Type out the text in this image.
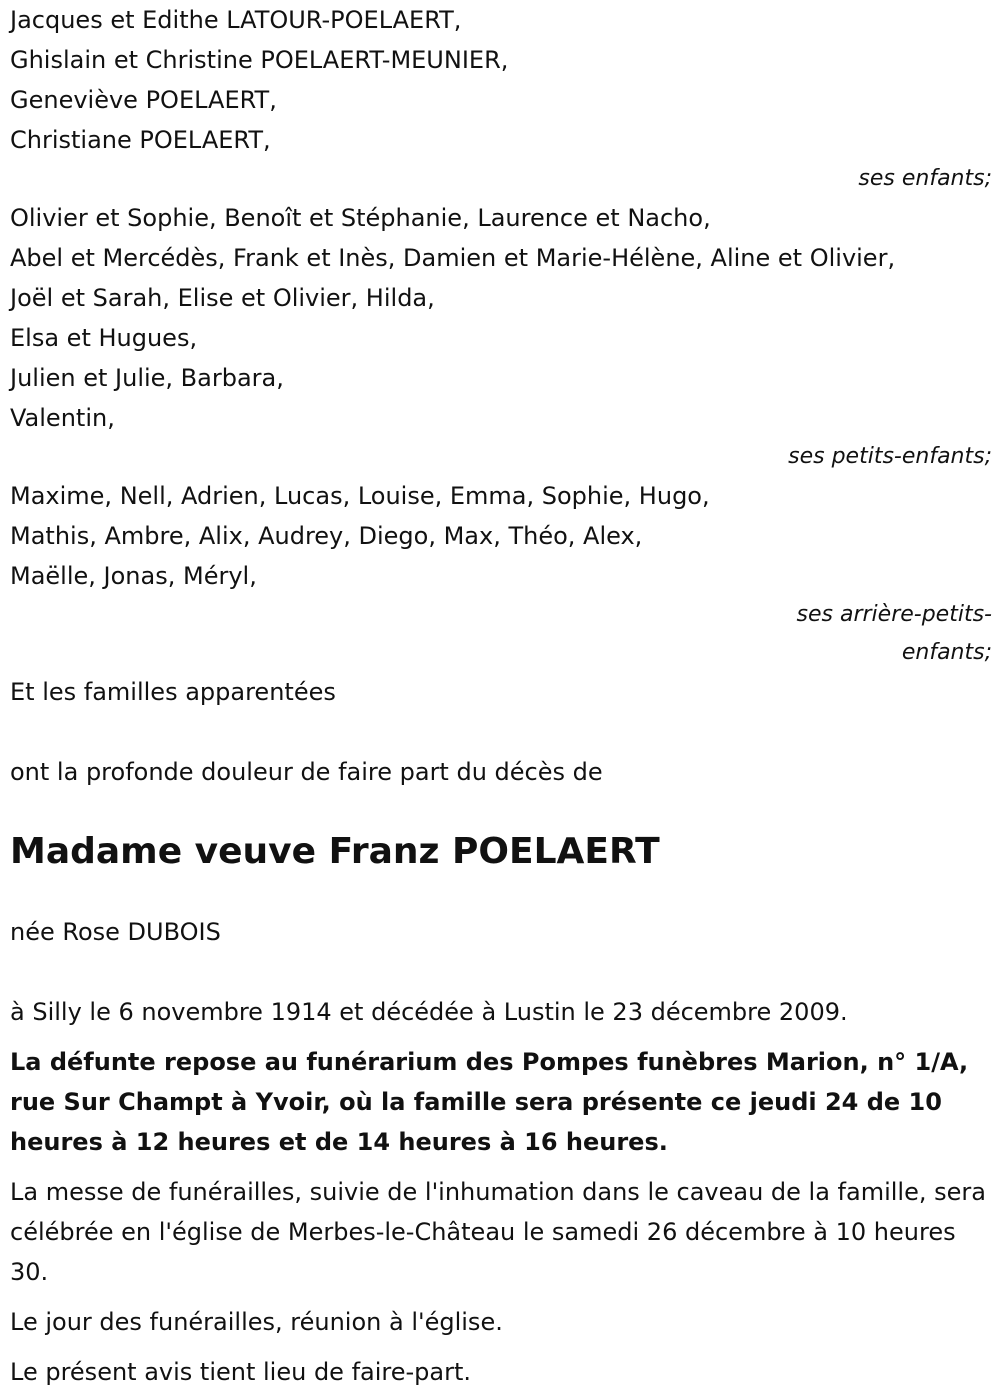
Jacques et Edithe LATOUR-POELAERT,
Ghislain et Christine POELAERT-MEUNIER,
Geneviève POELAERT,
Christiane POELAERT,
ses enfants;
Olivier et Sophie, Benoît et Stéphanie, Laurence et Nacho,
Abel et Mercédès, Frank et Inès, Damien et Marie-Hélène, Aline et Olivier,
Joël et Sarah, Elise et Olivier, Hilda,
Elsa et Hugues,
Julien et Julie, Barbara,
Valentin,
ses petits-enfants;
Maxime, Nell, Adrien, Lucas, Louise, Emma, Sophie, Hugo,
Mathis, Ambre, Alix, Audrey, Diego, Max, Théo, Alex,
Maëlle, Jonas, Méryl,
ses arrière-petits-
enfants;
Et les familles apparentées
ont la profonde douleur de faire part du décès de
Madame veuve Franz POELAERT
née Rose DUBOIS
à Silly le 6 novembre 1914 et décédée à Lustin le 23 décembre 2009.

La défunte repose au funérarium des Pompes funèbres Marion, n° 1/A, rue Sur Champt à Yvoir, où la famille sera présente ce jeudi 24 de 10 heures à 12 heures et de 14 heures à 16 heures.

La messe de funérailles, suivie de l'inhumation dans le caveau de la famille, sera célébrée en l'église de Merbes-le-Château le samedi 26 décembre à 10 heures 30.

Le jour des funérailles, réunion à l'église.

Le présent avis tient lieu de faire-part.
